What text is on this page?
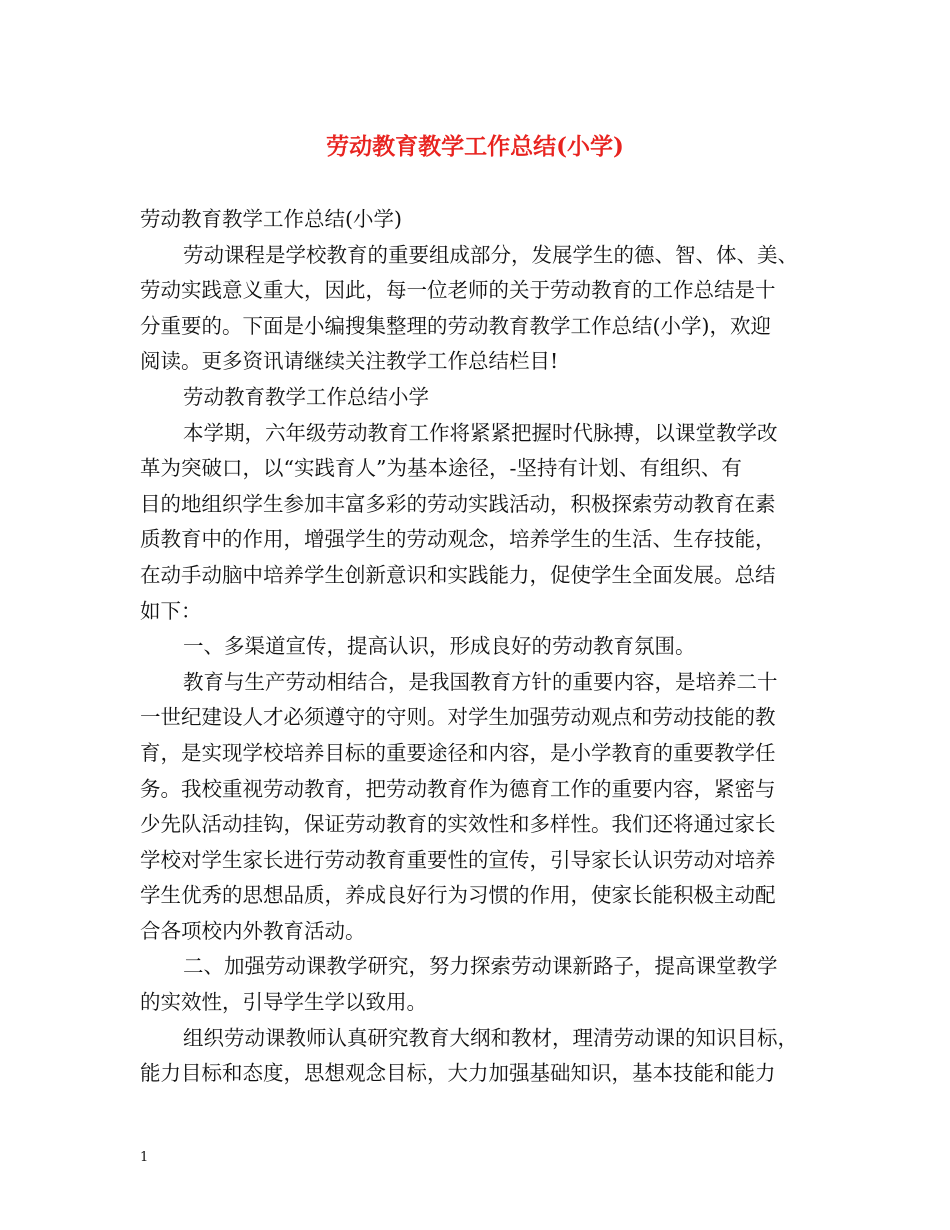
劳动教育教学工作总结(小学)
劳动教育教学工作总结(小学)
劳动课程是学校教育的重要组成部分，发展学生的德、智、体、美、
劳动实践意义重大，因此，每一位老师的关于劳动教育的工作总结是十
分重要的。下面是小编搜集整理的劳动教育教学工作总结(小学)，欢迎
阅读。更多资讯请继续关注教学工作总结栏目!
劳动教育教学工作总结小学
本学期，六年级劳动教育工作将紧紧把握时代脉搏，以课堂教学改
革为突破口，以“实践育人”为基本途径，-坚持有计划、有组织、有
目的地组织学生参加丰富多彩的劳动实践活动，积极探索劳动教育在素
质教育中的作用，增强学生的劳动观念，培养学生的生活、生存技能，
在动手动脑中培养学生创新意识和实践能力，促使学生全面发展。总结
如下：
一、多渠道宣传，提高认识，形成良好的劳动教育氛围。
教育与生产劳动相结合，是我国教育方针的重要内容，是培养二十
一世纪建设人才必须遵守的守则。对学生加强劳动观点和劳动技能的教
育，是实现学校培养目标的重要途径和内容，是小学教育的重要教学任
务。我校重视劳动教育，把劳动教育作为德育工作的重要内容，紧密与
少先队活动挂钩，保证劳动教育的实效性和多样性。我们还将通过家长
学校对学生家长进行劳动教育重要性的宣传，引导家长认识劳动对培养
学生优秀的思想品质，养成良好行为习惯的作用，使家长能积极主动配
合各项校内外教育活动。
二、加强劳动课教学研究，努力探索劳动课新路子，提高课堂教学
的实效性，引导学生学以致用。
组织劳动课教师认真研究教育大纲和教材，理清劳动课的知识目标，
能力目标和态度，思想观念目标，大力加强基础知识，基本技能和能力
1
